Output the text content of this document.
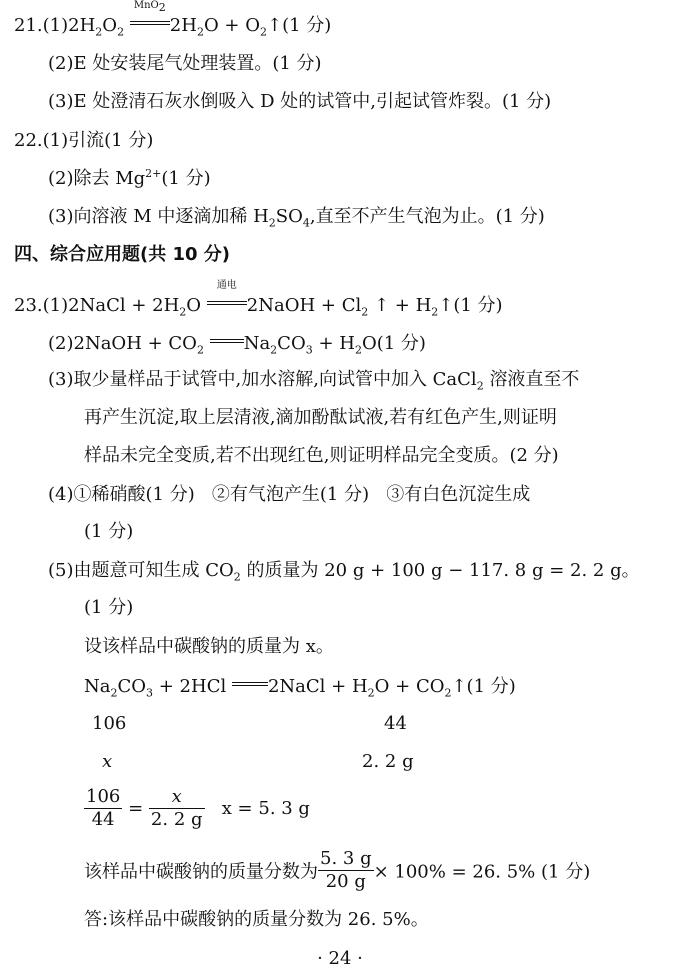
$21.(1)2H_2O_2$
MnO$_2$
$2H_2O$ + $O_2↑(1$ 分)
(2)E 处安装尾气处理装置。(1 分)
(3)E 处澄清石灰水倒吸入 D 处的试管中,引起试管炸裂。(1 分)
22.(1)引流(1 分)
(2)除去 $Mg^{2+}(1$ 分)
(3)向溶液 M 中逐滴加稀 $H_2SO_4$,直至不产生气泡为止。(1 分)
四、综合应用题(共 10 分)
23.(1)2NaCl + $2H_2O$
通电
2NaOH + $Cl_2$ ↑ + $H_2↑(1$ 分)
(2)2NaOH + $CO_2$ $Na_2CO_3 + H_2O(1$ 分)
(3)取少量样品于试管中,加水溶解,向试管中加入 CaCl$_2$ 溶液直至不
再产生沉淀,取上层清液,滴加酚酞试液,若有红色产生,则证明
样品未完全变质,若不出现红色,则证明样品完全变质。(2 分)
(4)①稀硝酸(1 分) ②有气泡产生(1 分) ③有白色沉淀生成
(1 分)
(5)由题意可知生成 $CO_2$ 的质量为 20 g + 100 g − 117. 8 g = 2. 2 g。
(1 分)
设该样品中碳酸钠的质量为 x。
$Na_2CO_3 + 2HCl$ 2NaCl + $H_2O$ + $CO_2↑(1$ 分)
106	44
x	2. 2 g
$\frac{106}{44} = \frac{x}{2. 2 g}$ x = 5. 3 g
该样品中碳酸钠的质量分数为 $\frac{5. 3 g}{20 g} \times 100\% = 26$. 5% (1 分)
答:该样品中碳酸钠的质量分数为 26. 5%。
· 24 ·
